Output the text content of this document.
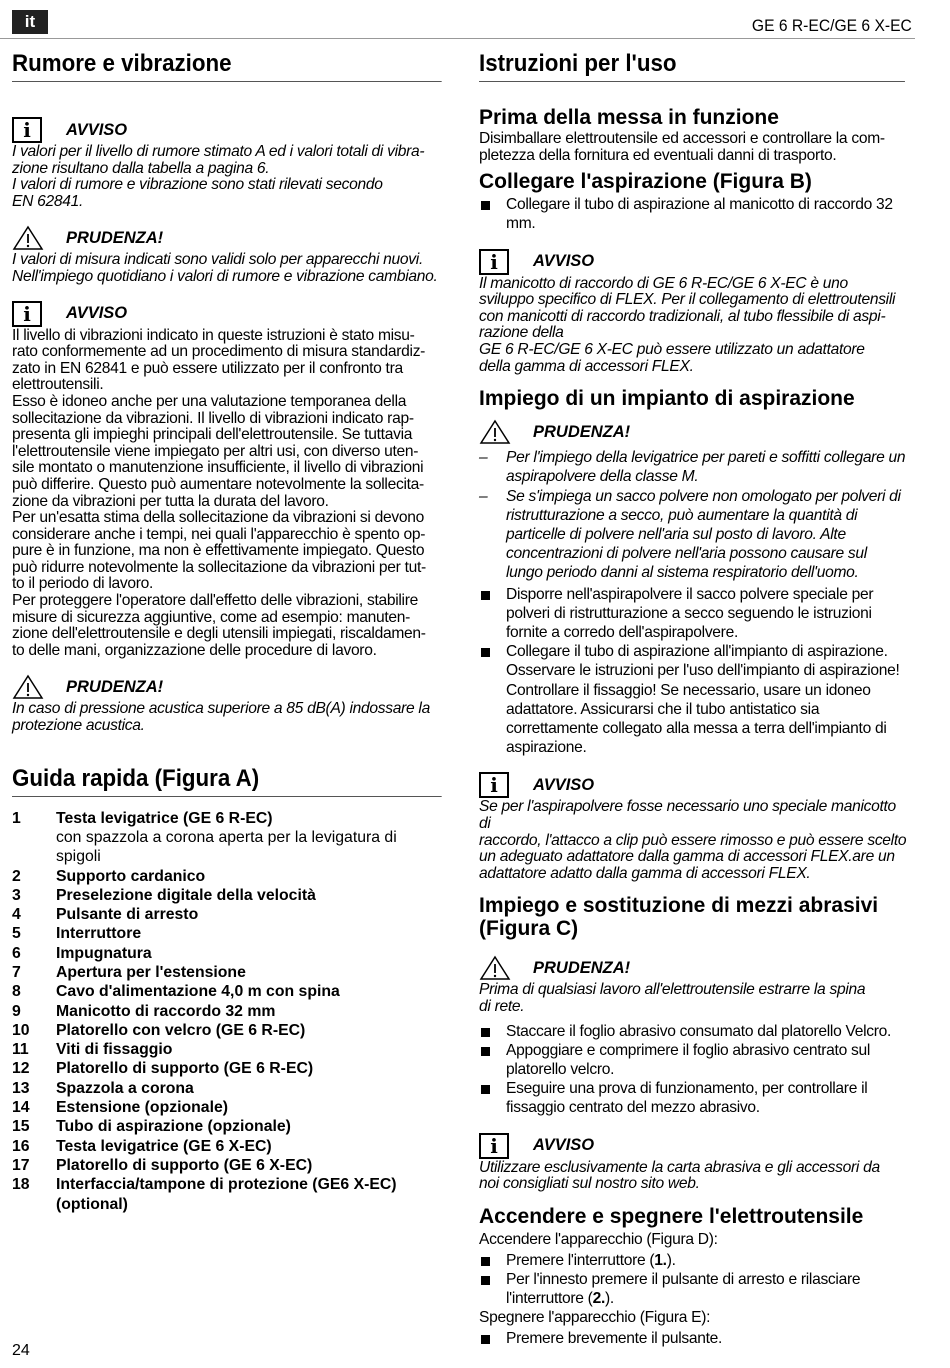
it	GE 6 R-EC/GE 6 X-EC
Rumore e vibrazione
i	AVVISO

I valori per il livello di rumore stimato A ed i valori totali di vibra-

zione risultano dalla tabella a pagina 6.

I valori di rumore e vibrazione sono stati rilevati secondo

EN 62841.

PRUDENZA!

I valori di misura indicati sono validi solo per apparecchi nuovi.

Nell'impiego quotidiano i valori di rumore e vibrazione cambiano.

i	AVVISO

Il livello di vibrazioni indicato in queste istruzioni è stato misu-

rato conformemente ad un procedimento di misura standardiz-

zato in EN 62841 e può essere utilizzato per il confronto tra

elettroutensili.

Esso è idoneo anche per una valutazione temporanea della

sollecitazione da vibrazioni. Il livello di vibrazioni indicato rap-

presenta gli impieghi principali dell'elettroutensile. Se tuttavia

l'elettroutensile viene impiegato per altri usi, con diverso uten-

sile montato o manutenzione insufficiente, il livello di vibrazioni

può differire. Questo può aumentare notevolmente la sollecita-

zione da vibrazioni per tutta la durata del lavoro.

Per un'esatta stima della sollecitazione da vibrazioni si devono

considerare anche i tempi, nei quali l'apparecchio è spento op-

pure è in funzione, ma non è effettivamente impiegato. Questo

può ridurre notevolmente la sollecitazione da vibrazioni per tut-

to il periodo di lavoro.

Per proteggere l'operatore dall'effetto delle vibrazioni, stabilire

misure di sicurezza aggiuntive, come ad esempio: manuten-

zione dell'elettroutensile e degli utensili impiegati, riscaldamen-

to delle mani, organizzazione delle procedure di lavoro.

PRUDENZA!

In caso di pressione acustica superiore a 85 dB(A) indossare la

protezione acustica.

Guida rapida (Figura A)
1	Testa levigatrice (GE 6 R-EC)
con spazzola a corona aperta per la levigatura di spigoli
2	Supporto cardanico
3	Preselezione digitale della velocità
4	Pulsante di arresto
5	Interruttore
6	Impugnatura
7	Apertura per l'estensione
8	Cavo d'alimentazione 4,0 m con spina
9	Manicotto di raccordo 32 mm
10	Platorello con velcro (GE 6 R-EC)
11	Viti di fissaggio
12	Platorello di supporto (GE 6 R-EC)
13	Spazzola a corona
14	Estensione (opzionale)
15	Tubo di aspirazione (opzionale)
16	Testa levigatrice (GE 6 X-EC)
17	Platorello di supporto (GE 6 X-EC)
18	Interfaccia/tampone di protezione (GE6 X-EC)
(optional)
Istruzioni per l'uso
Prima della messa in funzione

Disimballare elettroutensile ed accessori e controllare la com-

pletezza della fornitura ed eventuali danni di trasporto.

Collegare l'aspirazione (Figura B)
Collegare il tubo di aspirazione al manicotto di raccordo 32 mm.
i	AVVISO

Il manicotto di raccordo di GE 6 R-EC/GE 6 X-EC è uno

sviluppo specifico di FLEX. Per il collegamento di elettroutensili

con manicotti di raccordo tradizionali, al tubo flessibile di aspi-

razione della

GE 6 R-EC/GE 6 X-EC può essere utilizzato un adattatore

della gamma di accessori FLEX.

Impiego di un impianto di aspirazione
PRUDENZA!
– Per l'impiego della levigatrice per pareti e soffitti collegare un aspirapolvere della classe M.
– Se s'impiega un sacco polvere non omologato per polveri di ristrutturazione a secco, può aumentare la quantità di particelle di polvere nell'aria sul posto di lavoro. Alte concentrazioni di polvere nell'aria possono causare sul lungo periodo danni al sistema respiratorio dell'uomo.
Disporre nell'aspirapolvere il sacco polvere speciale per polveri di ristrutturazione a secco seguendo le istruzioni fornite a corredo dell'aspirapolvere.
Collegare il tubo di aspirazione all'impianto di aspirazione. Osservare le istruzioni per l'uso dell'impianto di aspirazione! Controllare il fissaggio! Se necessario, usare un idoneo adattatore. Assicurarsi che il tubo antistatico sia correttamente collegato alla messa a terra dell'impianto di aspirazione.
i	AVVISO

Se per l'aspirapolvere fosse necessario uno speciale manicotto di

raccordo, l'attacco a clip può essere rimosso e può essere scelto

un adeguato adattatore dalla gamma di accessori FLEX.are un

adattatore adatto dalla gamma di accessori FLEX.

Impiego e sostituzione di mezzi abrasivi (Figura C)
PRUDENZA!

Prima di qualsiasi lavoro all'elettroutensile estrarre la spina

di rete.

Staccare il foglio abrasivo consumato dal platorello Velcro.
Appoggiare e comprimere il foglio abrasivo centrato sul platorello velcro.
Eseguire una prova di funzionamento, per controllare il fissaggio centrato del mezzo abrasivo.
i	AVVISO

Utilizzare esclusivamente la carta abrasiva e gli accessori da

noi consigliati sul nostro sito web.

Accendere e spegnere l'elettroutensile
Accendere l'apparecchio (Figura D):
Premere l'interruttore (1.).
Per l'innesto premere il pulsante di arresto e rilasciare l'interruttore (2.).
Spegnere l'apparecchio (Figura E):
Premere brevemente il pulsante.
24
